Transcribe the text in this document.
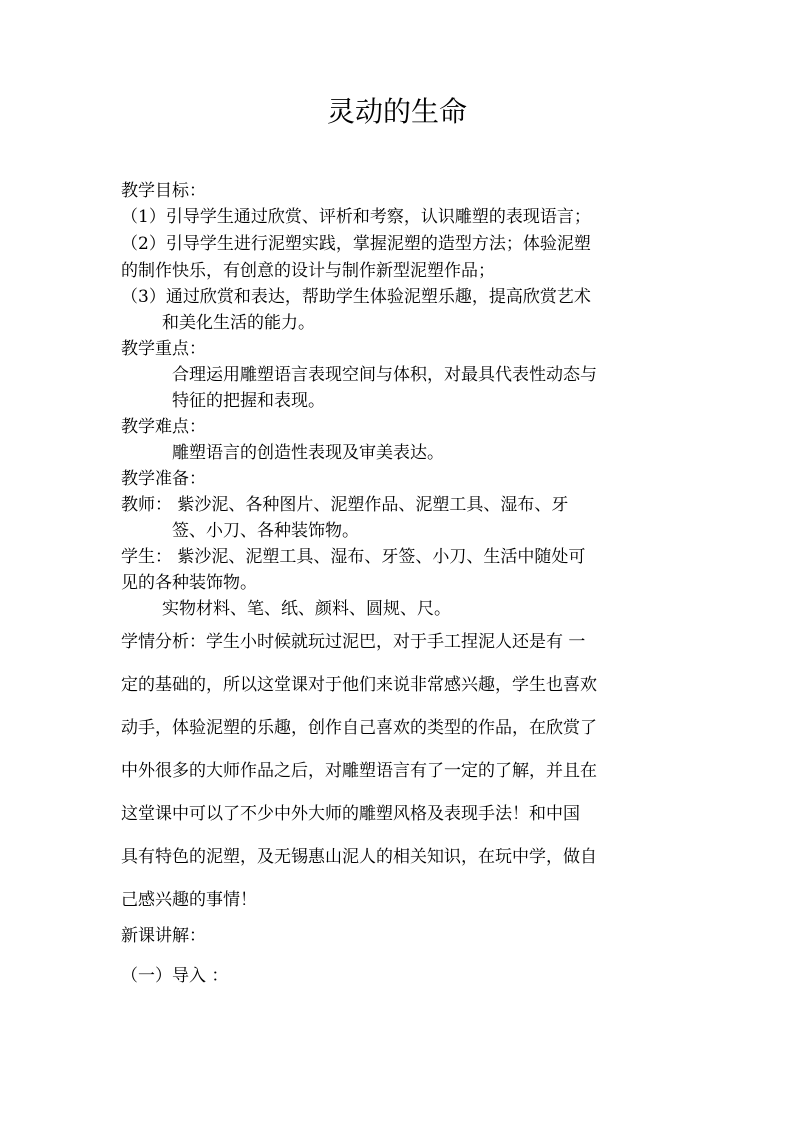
灵动的生命
教学目标：
（1）引导学生通过欣赏、评析和考察，认识雕塑的表现语言；
（2）引导学生进行泥塑实践，掌握泥塑的造型方法；体验泥塑
的制作快乐，有创意的设计与制作新型泥塑作品；
（3）通过欣赏和表达，帮助学生体验泥塑乐趣，提高欣赏艺术
和美化生活的能力。
教学重点：
合理运用雕塑语言表现空间与体积，对最具代表性动态与
特征的把握和表现。
教学难点：
雕塑语言的创造性表现及审美表达。
教学准备：
教师： 紫沙泥、各种图片、泥塑作品、泥塑工具、湿布、牙
签、小刀、各种装饰物。
学生： 紫沙泥、泥塑工具、湿布、牙签、小刀、生活中随处可
见的各种装饰物。
实物材料、笔、纸、颜料、圆规、尺。
学情分析：学生小时候就玩过泥巴，对于手工捏泥人还是有 一
定的基础的，所以这堂课对于他们来说非常感兴趣，学生也喜欢
动手，体验泥塑的乐趣，创作自己喜欢的类型的作品，在欣赏了
中外很多的大师作品之后，对雕塑语言有了一定的了解，并且在
这堂课中可以了不少中外大师的雕塑风格及表现手法！和中国
具有特色的泥塑，及无锡惠山泥人的相关知识，在玩中学，做自
己感兴趣的事情！
新课讲解：
（一）导入 ：
